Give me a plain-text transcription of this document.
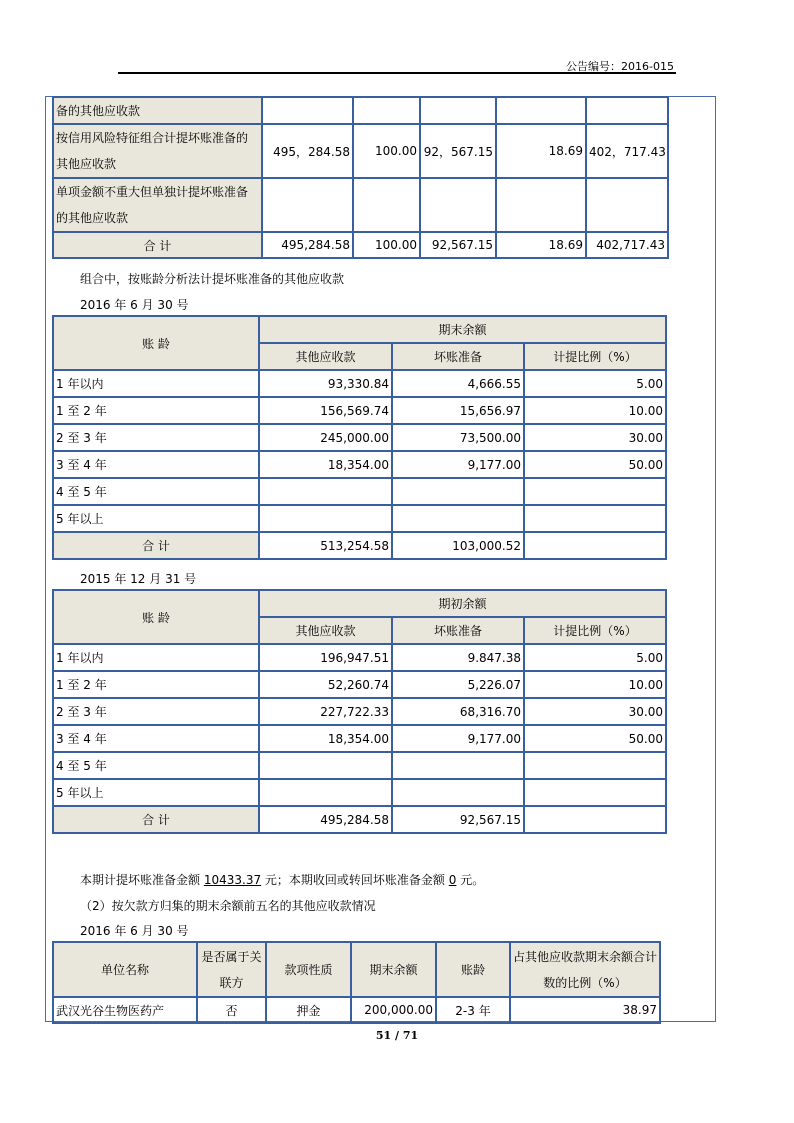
公告编号：2016-015
备的其他应收款					
按信用风险特征组合计提坏账准备的其他应收款	495，284.58	100.00	92，567.15	18.69	402，717.43
单项金额不重大但单独计提坏账准备的其他应收款					
合 计	495,284.58	100.00	92,567.15	18.69	402,717.43
组合中，按账龄分析法计提坏账准备的其他应收款
2016 年 6 月 30 号
账 龄	期末余额		
	其他应收款	坏账准备	计提比例（%）
1 年以内	93,330.84	4,666.55	5.00
1 至 2 年	156,569.74	15,656.97	10.00
2 至 3 年	245,000.00	73,500.00	30.00
3 至 4 年	18,354.00	9,177.00	50.00
4 至 5 年			
5 年以上			
合 计	513,254.58	103,000.52	
2015 年 12 月 31 号
账 龄	期初余额		
	其他应收款	坏账准备	计提比例（%）
1 年以内	196,947.51	9.847.38	5.00
1 至 2 年	52,260.74	5,226.07	10.00
2 至 3 年	227,722.33	68,316.70	30.00
3 至 4 年	18,354.00	9,177.00	50.00
4 至 5 年			
5 年以上			
合 计	495,284.58	92,567.15	
本期计提坏账准备金额 10433.37 元；本期收回或转回坏账准备金额 0 元。
（2）按欠款方归集的期末余额前五名的其他应收款情况
2016 年 6 月 30 号
单位名称	是否属于关联方	款项性质	期末余额	账龄	占其他应收款期末余额合计数的比例（%）
武汉光谷生物医药产	否	押金	200,000.00	2-3 年	38.97
51 / 71
